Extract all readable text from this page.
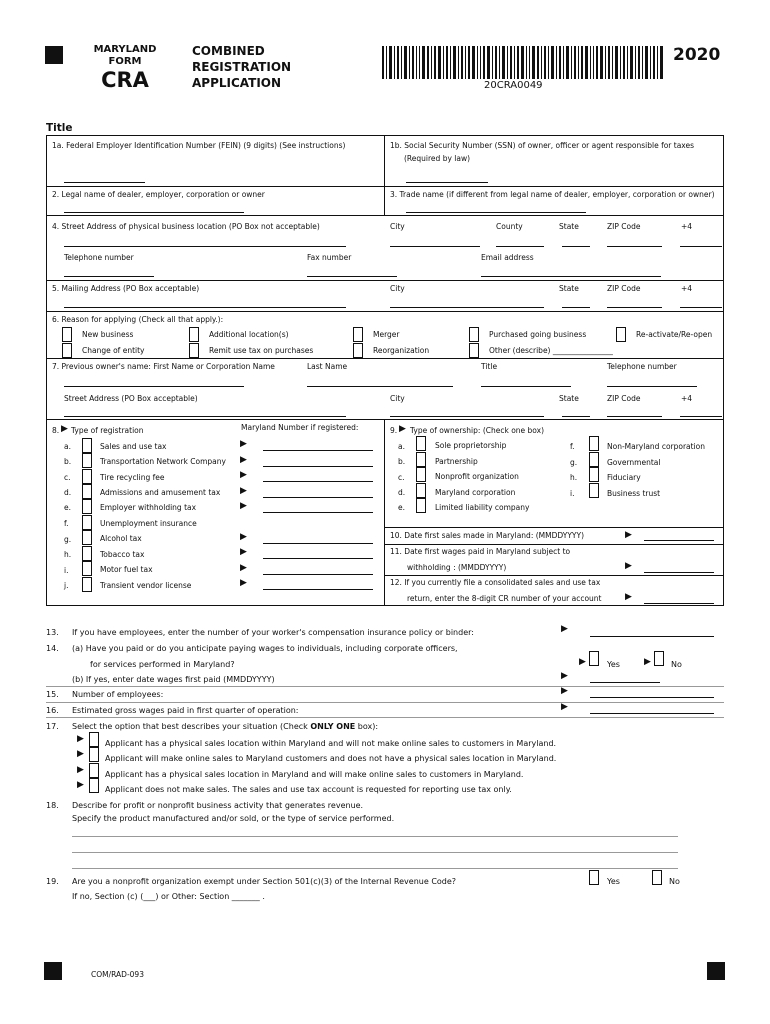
MARYLAND
FORM
CRA
COMBINED
REGISTRATION
APPLICATION	20CRA0049
2020
Title
1a. Federal Employer Identification Number (FEIN) (9 digits) (See instructions)	1b. Social Security Number (SSN) of owner, officer or agent responsible for taxes
(Required by law)
2. Legal name of dealer, employer, corporation or owner	3. Trade name (if different from legal name of dealer, employer, corporation or owner)
4. Street Address of physical business location (PO Box not acceptable)	City	County	State	ZIP Code	+4
Telephone number	Fax number	Email address
5. Mailing Address (PO Box acceptable)	City	State	ZIP Code	+4
6. Reason for applying (Check all that apply.):
New business	Additional location(s)	Merger	Purchased going business	Re-activate/Re-open
Change of entity	Remit use tax on purchases	Reorganization	Other (describe) ________________
7. Previous owner's name: First Name or Corporation Name	Last Name	Title	Telephone number
Street Address (PO Box acceptable)	City	State	ZIP Code	+4
8. ▶ Type of registration	Maryland Number if registered:
a.	Sales and use tax	▶
b.	Transportation Network Company ▶
c.	Tire recycling fee	▶
d.	Admissions and amusement tax ▶
e.	Employer withholding tax	▶
f.	Unemployment insurance
g.	Alcohol tax	▶
h.	Tobacco tax	▶
i.	Motor fuel tax	▶
j.	Transient vendor license	▶
9. ▶ Type of ownership: (Check one box)
a.	Sole proprietorship
b.	Partnership
c.	Nonprofit organization
d.	Maryland corporation
e.	Limited liability company
f.	Non-Maryland corporation
g.	Governmental
h.	Fiduciary
i.	Business trust
10. Date first sales made in Maryland: (MMDDYYYY)	▶
11. Date first wages paid in Maryland subject to
withholding : (MMDDYYYY)	▶
12. If you currently file a consolidated sales and use tax
return, enter the 8-digit CR number of your account	▶
13. If you have employees, enter the number of your worker's compensation insurance policy or binder:	▶
14. (a) Have you paid or do you anticipate paying wages to individuals, including corporate officers,
for services performed in Maryland?	▶	Yes	▶	No
(b) If yes, enter date wages first paid (MMDDYYYY)	▶
15. Number of employees:	▶
16. Estimated gross wages paid in first quarter of operation:	▶
17. Select the option that best describes your situation (Check ONLY ONE box):
▶	Applicant has a physical sales location within Maryland and will not make online sales to customers in Maryland.
▶	Applicant will make online sales to Maryland customers and does not have a physical sales location in Maryland.
▶	Applicant has a physical sales location in Maryland and will make online sales to customers in Maryland.
▶	Applicant does not make sales. The sales and use tax account is requested for reporting use tax only.
18. Describe for profit or nonprofit business activity that generates revenue.
Specify the product manufactured and/or sold, or the type of service performed.
19. Are you a nonprofit organization exempt under Section 501(c)(3) of the Internal Revenue Code?	Yes	No
If no, Section (c) (___) or Other: Section _______ .
COM/RAD-093
